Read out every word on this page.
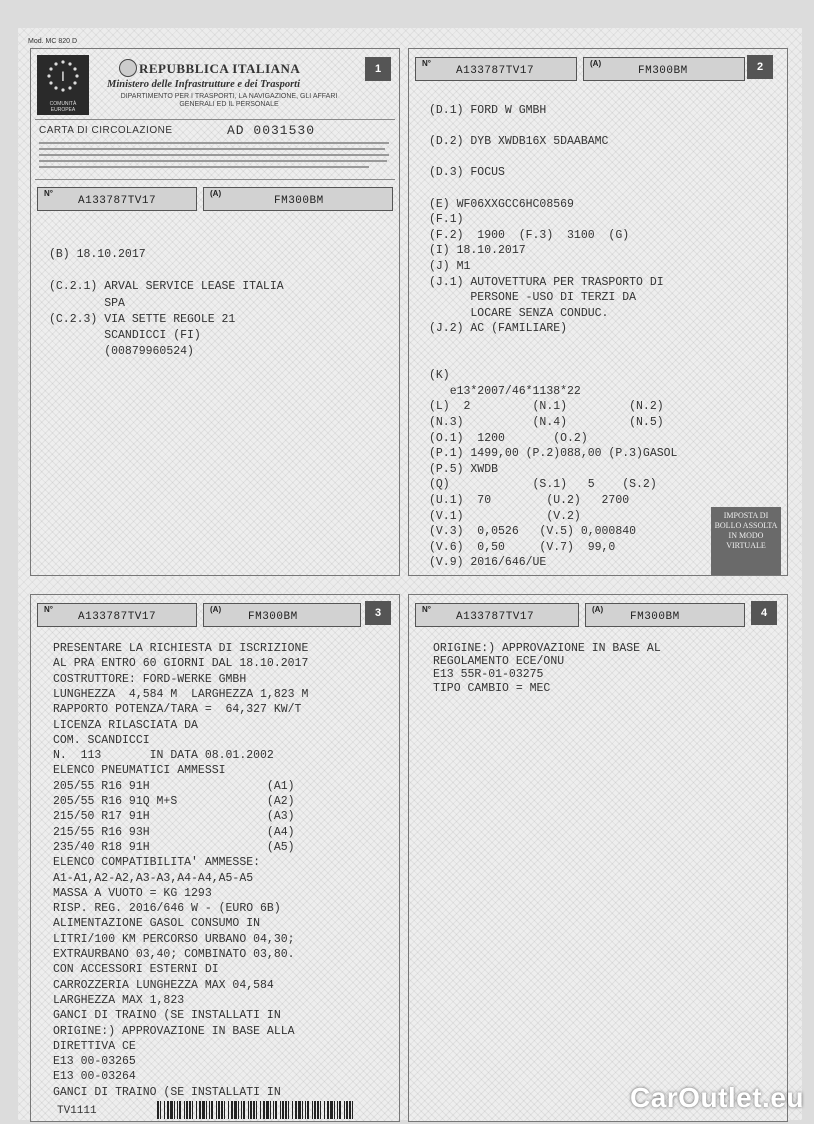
Mod. MC 820 D
1
I
COMUNITÀ EUROPEA
REPUBBLICA ITALIANA
Ministero delle Infrastrutture e dei Trasporti
DIPARTIMENTO PER I TRASPORTI, LA NAVIGAZIONE, GLI AFFARI GENERALI ED IL PERSONALE
CARTA DI CIRCOLAZIONE	AD 0031530
N°
A133787TV17
(A)
FM300BM
(B) 18.10.2017
(C.2.1) ARVAL SERVICE LEASE ITALIA
SPA
(C.2.3) VIA SETTE REGOLE 21
SCANDICCI (FI)
(00879960524)
2
N°
A133787TV17
(A)
FM300BM
(D.1) FORD W GMBH
(D.2) DYB XWDB16X 5DAABAMC
(D.3) FOCUS
(E) WF06XXGCC6HC08569
(F.1)
(F.2)  1900  (F.3)  3100  (G)
(I) 18.10.2017
(J) M1
(J.1) AUTOVETTURA PER TRASPORTO DI
PERSONE -USO DI TERZI DA
LOCARE SENZA CONDUC.
(J.2) AC (FAMILIARE)
(K)
e13*2007/46*1138*22
(L)  2         (N.1)         (N.2)
(N.3)          (N.4)         (N.5)
(O.1)  1200       (O.2)
(P.1) 1499,00 (P.2)088,00 (P.3)GASOL
(P.5) XWDB
(Q)            (S.1)   5    (S.2)
(U.1)  70        (U.2)   2700
(V.1)            (V.2)
(V.3)  0,0526   (V.5) 0,000840
(V.6)  0,50     (V.7)  99,0
(V.9) 2016/646/UE
IMPOSTA DI BOLLO ASSOLTA IN MODO VIRTUALE
3
N°
A133787TV17
(A)
FM300BM
PRESENTARE LA RICHIESTA DI ISCRIZIONE
AL PRA ENTRO 60 GIORNI DAL 18.10.2017
COSTRUTTORE: FORD-WERKE GMBH
LUNGHEZZA  4,584 M  LARGHEZZA 1,823 M
RAPPORTO POTENZA/TARA =  64,327 KW/T
LICENZA RILASCIATA DA
COM. SCANDICCI
N.  113       IN DATA 08.01.2002
ELENCO PNEUMATICI AMMESSI
205/55 R16 91H                 (A1)
205/55 R16 91Q M+S             (A2)
215/50 R17 91H                 (A3)
215/55 R16 93H                 (A4)
235/40 R18 91H                 (A5)
ELENCO COMPATIBILITA' AMMESSE:
A1-A1,A2-A2,A3-A3,A4-A4,A5-A5
MASSA A VUOTO = KG 1293
RISP. REG. 2016/646 W - (EURO 6B)
ALIMENTAZIONE GASOL CONSUMO IN
LITRI/100 KM PERCORSO URBANO 04,30;
EXTRAURBANO 03,40; COMBINATO 03,80.
CON ACCESSORI ESTERNI DI
CARROZZERIA LUNGHEZZA MAX 04,584
LARGHEZZA MAX 1,823
GANCI DI TRAINO (SE INSTALLATI IN
ORIGINE:) APPROVAZIONE IN BASE ALLA
DIRETTIVA CE
E13 00-03265
E13 00-03264
GANCI DI TRAINO (SE INSTALLATI IN
TV1111
4
N°
A133787TV17
(A)
FM300BM
ORIGINE:) APPROVAZIONE IN BASE AL
REGOLAMENTO ECE/ONU
E13 55R-01-03275
TIPO CAMBIO = MEC
CarOutlet.eu
